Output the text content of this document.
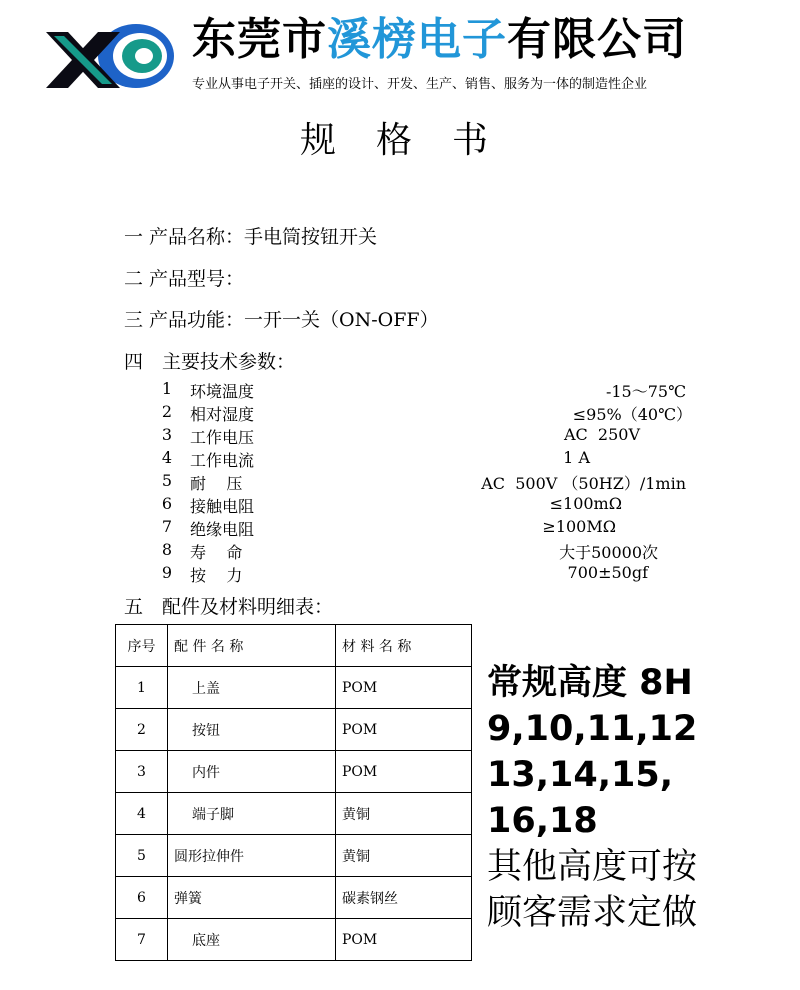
东莞市溪榜电子有限公司
专业从事电子开关、插座的设计、开发、生产、销售、服务为一体的制造性企业
规格书
一 产品名称：手电筒按钮开关
二 产品型号：
三 产品功能：一开一关（ON-OFF）
四　主要技术参数：
1 环境温度	-15～75℃
2 相对湿度	≤95%（40℃）
3 工作电压	AC  250V
4 工作电流	1 A
5 耐    压	AC  500V （50HZ）/1min
6 接触电阻	≤100mΩ
7 绝缘电阻	≥100MΩ
8 寿    命	大于50000次
9 按    力	700±50gf
五　配件及材料明细表：
序号	配 件 名 称	材 料 名 称
1	上盖	POM
2	按钮	POM
3	内件	POM
4	端子脚	黄铜
5	圆形拉伸件	黄铜
6	弹簧	碳素钢丝
7	底座	POM
常规高度 8H
9,10,11,12
13,14,15,
16,18
其他高度可按
顾客需求定做
